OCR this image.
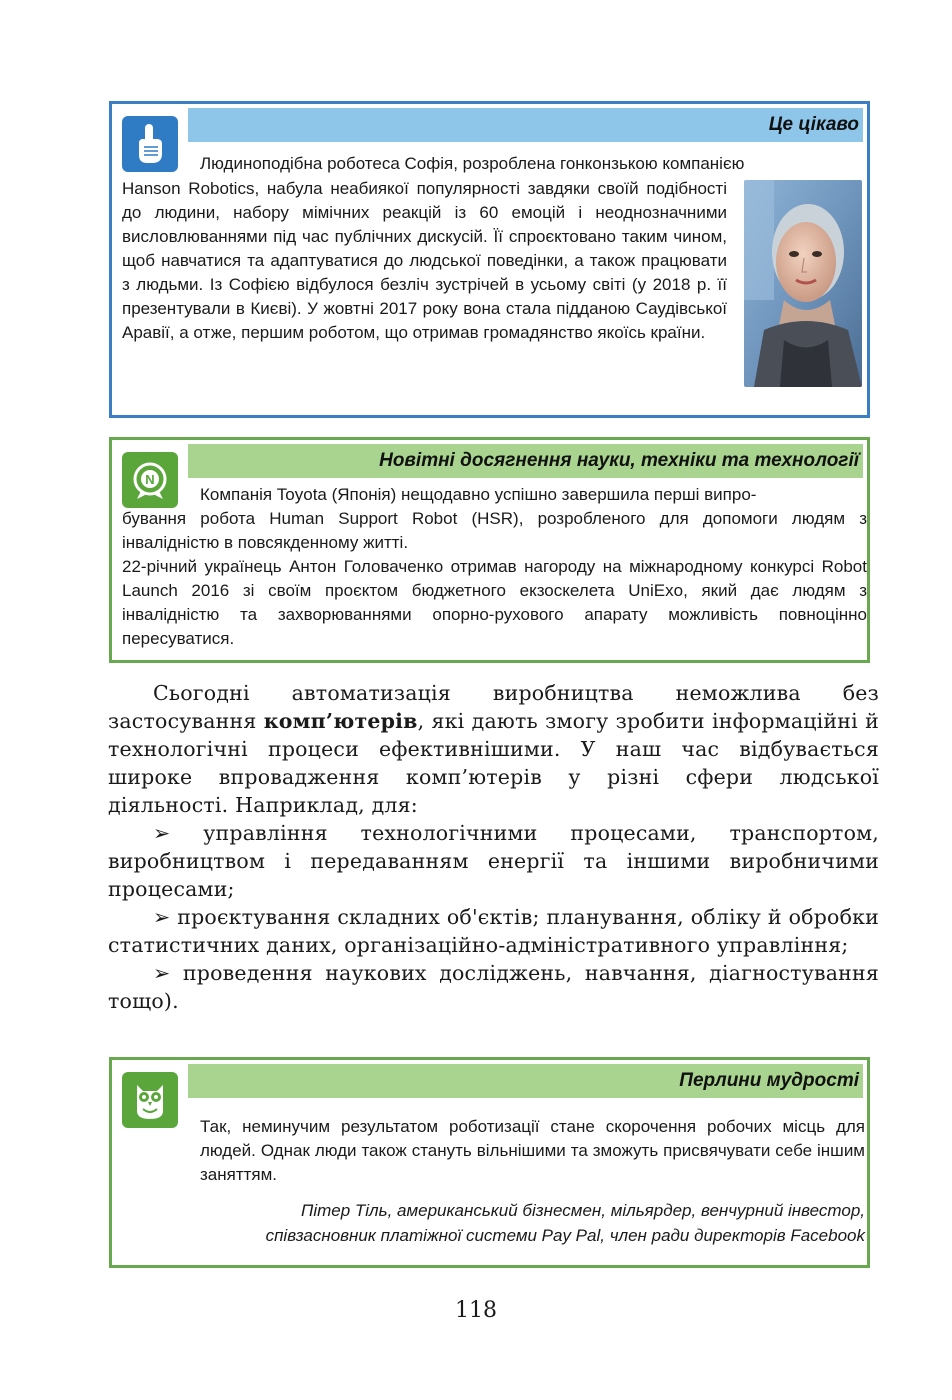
Це цікаво
Людиноподібна роботеса Софія, розроблена гонконзькою компанією
Hanson Robotics, набула неабиякої популярності завдяки своїй подібності до людини, набору мімічних реакцій із 60 емоцій і неоднозначними висловлюваннями під час публічних дискусій. Її спроєктовано таким чином, щоб навчатися та адаптуватися до людської поведінки, а також працювати з людьми. Із Софією відбулося безліч зустрічей в усьому світі (у 2018 р. її презентували в Києві). У жовтні 2017 року вона стала підданою Саудівської Аравії, а отже, першим роботом, що отримав громадянство якоїсь країни.
Новітні досягнення науки, техніки та технології
N
Компанія Toyota (Японія) нещодавно успішно завершила перші випро-
бування робота Human Support Robot (HSR), розробленого для допомоги людям з інвалідністю в повсякденному житті.
22-річний українець Антон Головаченко отримав нагороду на міжнародному конкурсі Robot Launch 2016 зі своїм проєктом бюджетного екзоскелета UniExo, який дає людям з інвалідністю та захворюваннями опорно-рухового апарату можливість повноцінно пересуватися.

Сьогодні автоматизація виробництва неможлива без застосування комп’ютерів, які дають змогу зробити інформаційні й технологічні процеси ефективнішими. У наш час відбувається широке впровадження комп’ютерів у різні сфери людської діяльності. Наприклад, для:

➢ управління технологічними процесами, транспортом, виробництвом і передаванням енергії та іншими виробничими процесами;

➢ проєктування складних об'єктів; планування, обліку й обробки статистичних даних, організаційно-адміністративного управління;

➢ проведення наукових досліджень, навчання, діагностування тощо).

Перлини мудрості
Так, неминучим результатом роботизації стане скорочення робочих місць для людей. Однак люди також стануть вільнішими та зможуть присвячувати себе іншим заняттям.
Пітер Тіль, американський бізнесмен, мільярдер, венчурний інвестор,
співзасновник платіжної системи Pay Pal, член ради директорів Facebook
118
